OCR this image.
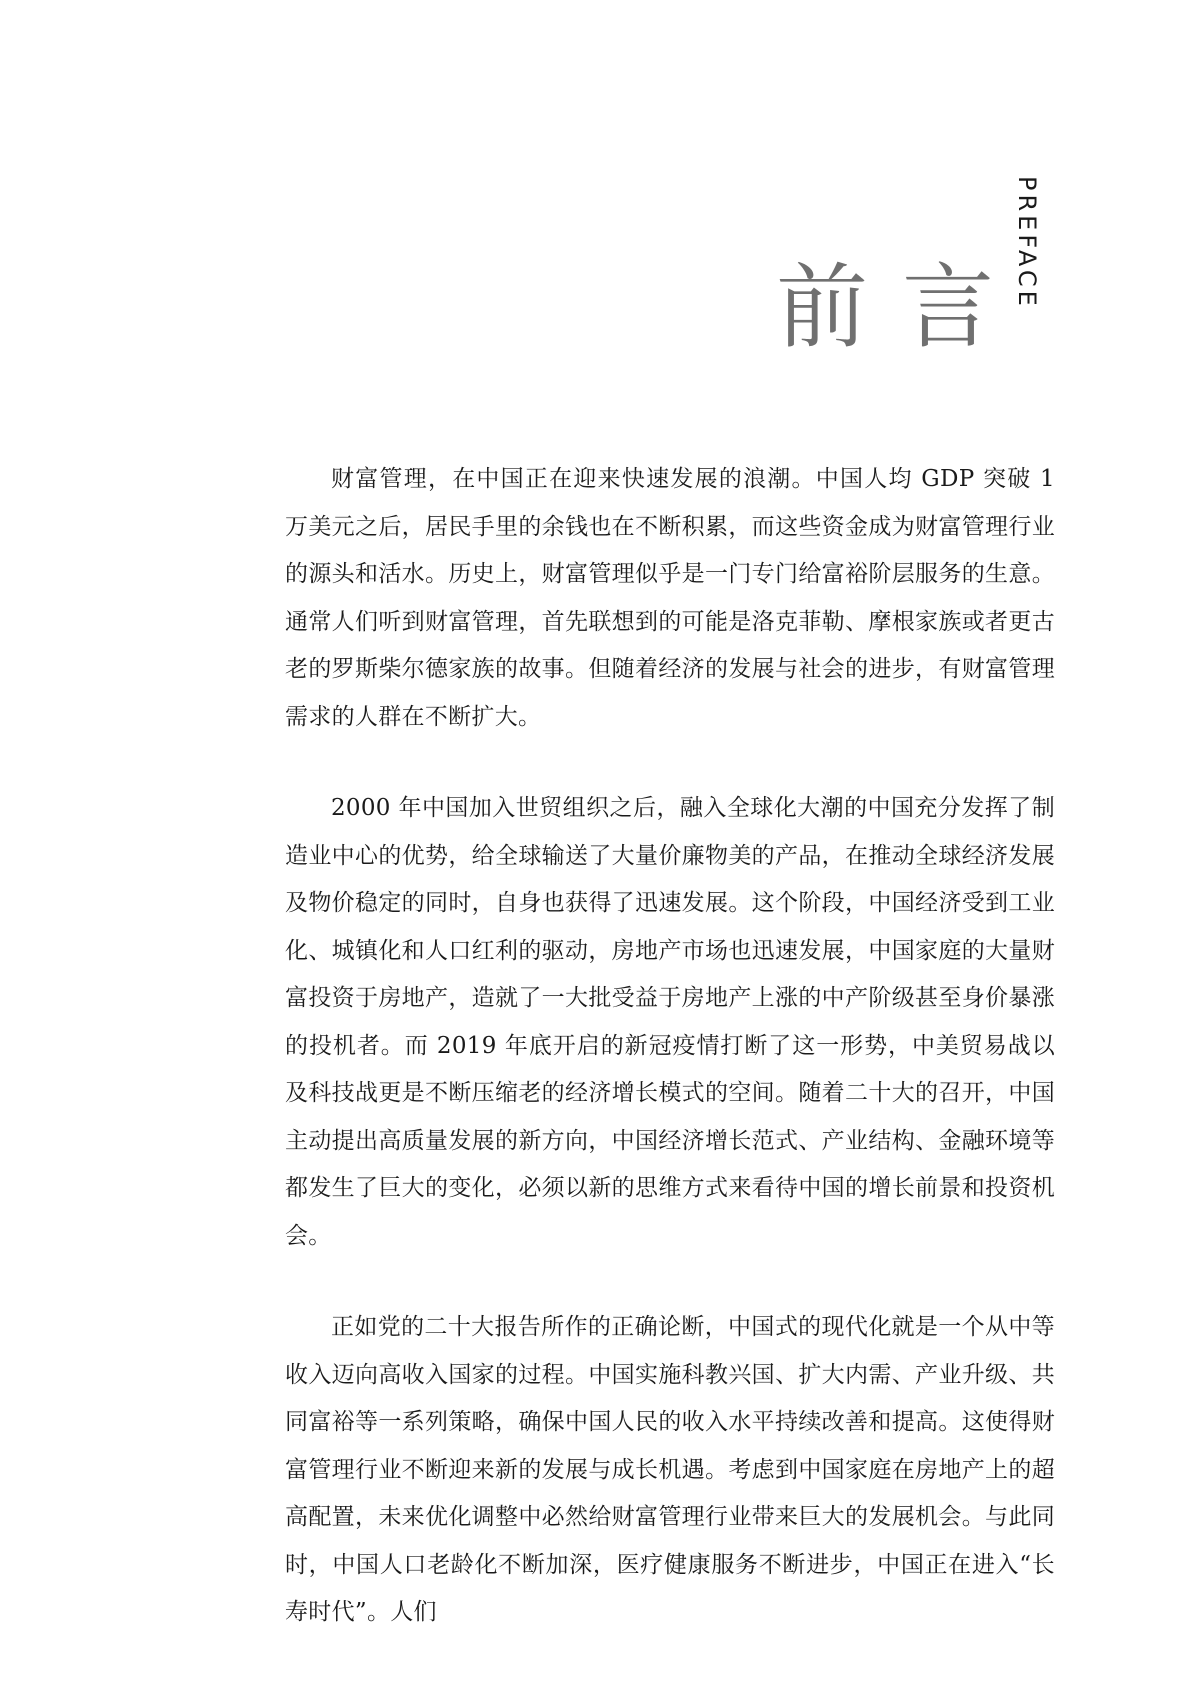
前言
PREFACE

财富管理，在中国正在迎来快速发展的浪潮。中国人均 GDP 突破 1 万美元之后，居民手里的余钱也在不断积累，而这些资金成为财富管理行业的源头和活水。历史上，财富管理似乎是一门专门给富裕阶层服务的生意。通常人们听到财富管理，首先联想到的可能是洛克菲勒、摩根家族或者更古老的罗斯柴尔德家族的故事。但随着经济的发展与社会的进步，有财富管理需求的人群在不断扩大。

2000 年中国加入世贸组织之后，融入全球化大潮的中国充分发挥了制造业中心的优势，给全球输送了大量价廉物美的产品，在推动全球经济发展及物价稳定的同时，自身也获得了迅速发展。这个阶段，中国经济受到工业化、城镇化和人口红利的驱动，房地产市场也迅速发展，中国家庭的大量财富投资于房地产，造就了一大批受益于房地产上涨的中产阶级甚至身价暴涨的投机者。而 2019 年底开启的新冠疫情打断了这一形势，中美贸易战以及科技战更是不断压缩老的经济增长模式的空间。随着二十大的召开，中国主动提出高质量发展的新方向，中国经济增长范式、产业结构、金融环境等都发生了巨大的变化，必须以新的思维方式来看待中国的增长前景和投资机会。

正如党的二十大报告所作的正确论断，中国式的现代化就是一个从中等收入迈向高收入国家的过程。中国实施科教兴国、扩大内需、产业升级、共同富裕等一系列策略，确保中国人民的收入水平持续改善和提高。这使得财富管理行业不断迎来新的发展与成长机遇。考虑到中国家庭在房地产上的超高配置，未来优化调整中必然给财富管理行业带来巨大的发展机会。与此同时，中国人口老龄化不断加深，医疗健康服务不断进步，中国正在进入“长寿时代”。人们
